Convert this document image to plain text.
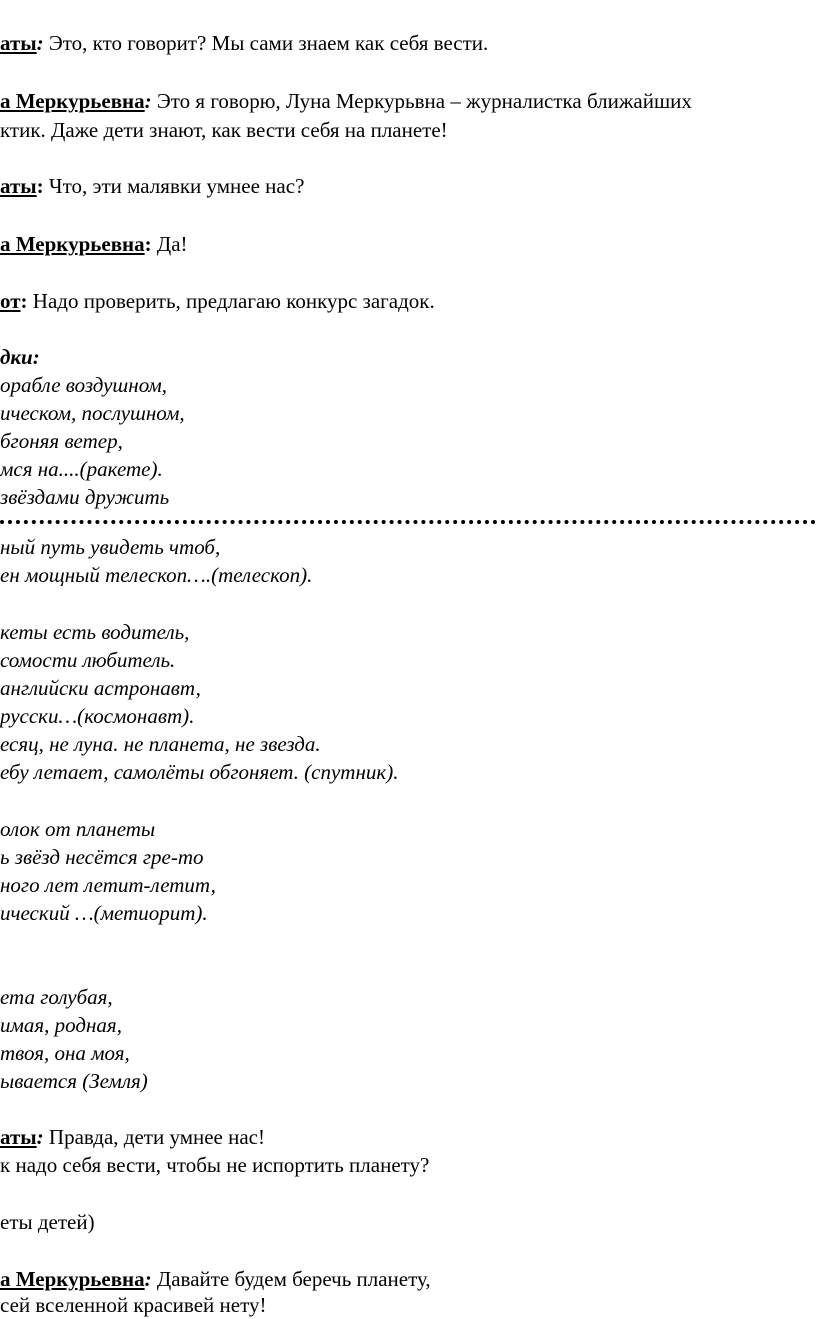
аты: Это, кто говорит? Мы сами знаем как себя вести.
а Меркурьевна: Это я говорю, Луна Меркурьвна – журналистка ближайших
ктик. Даже дети знают, как вести себя на планете!
аты: Что, эти малявки умнее нас?
а Меркурьевна: Да!
от: Надо проверить, предлагаю конкурс загадок.
дки:
орабле воздушном,
ическом, послушном,
бгоняя ветер,
мся на....(ракете).
звёздами дружить
ный путь увидеть чтоб,
ен мощный телескоп….(телескоп).
кеты есть водитель,
сомости любитель.
английски астронавт,
русски…(космонавт).
есяц, не луна. не планета, не звезда.
ебу летает, самолёты обгоняет. (спутник).
олок от планеты
ь звёзд несётся гре-то
ного лет летит-летит,
ический …(метиорит).
ета голубая,
имая, родная,
твоя, она моя,
ывается (Земля)
аты: Правда, дети умнее нас!
к надо себя вести, чтобы не испортить планету?
еты детей)
а Меркурьевна: Давайте будем беречь планету,
сей вселенной красивей нету!
